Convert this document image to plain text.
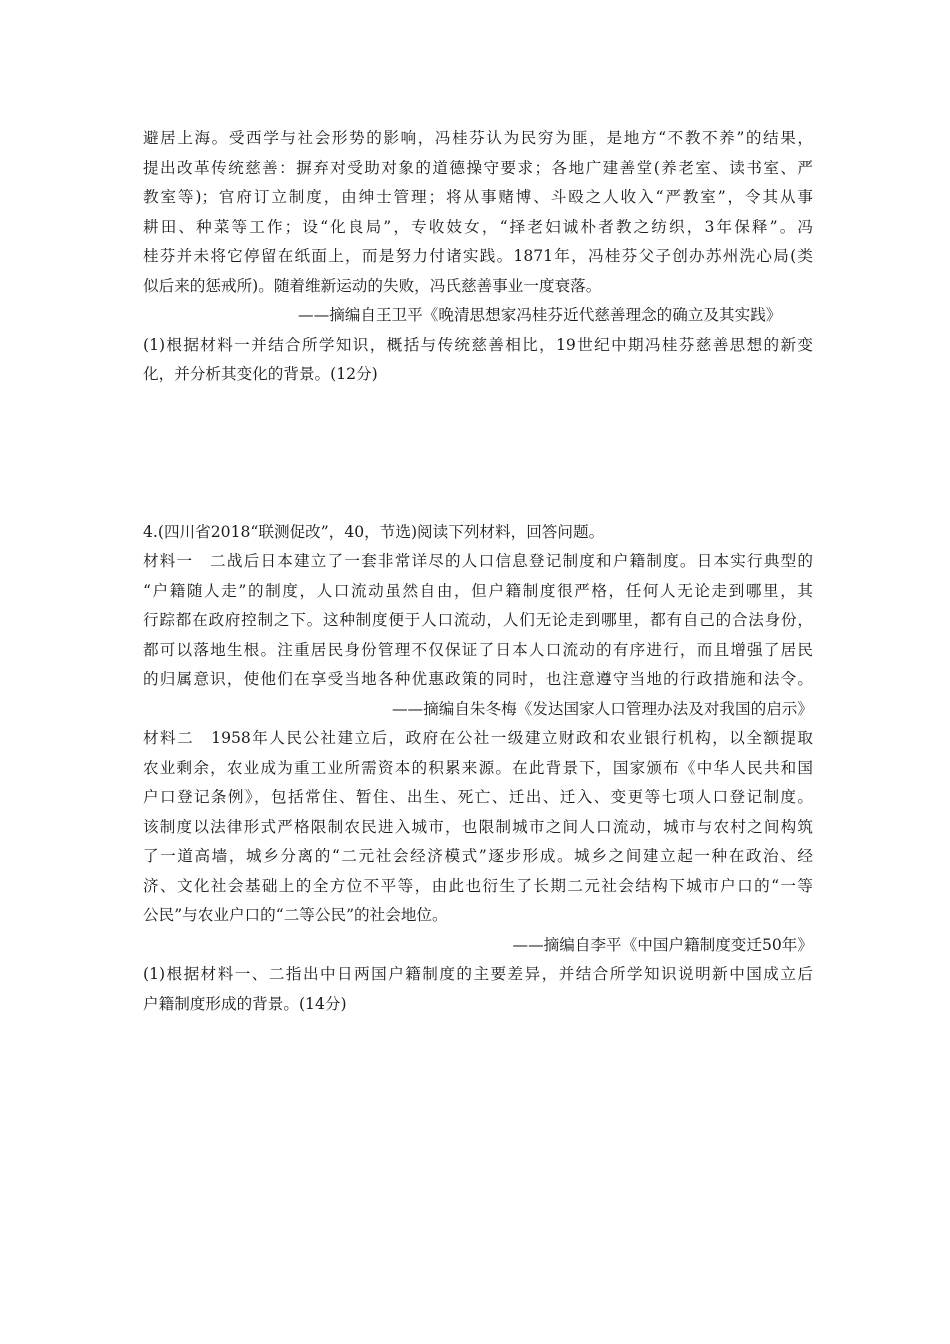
避居上海。受西学与社会形势的影响，冯桂芬认为民穷为匪，是地方“不教不养”的结果，
提出改革传统慈善：摒弃对受助对象的道德操守要求；各地广建善堂(养老室、读书室、严
教室等)；官府订立制度，由绅士管理；将从事赌博、斗殴之人收入“严教室”，令其从事
耕田、种菜等工作；设“化良局”，专收妓女，“择老妇诚朴者教之纺织，3年保释”。冯
桂芬并未将它停留在纸面上，而是努力付诸实践。1871年，冯桂芬父子创办苏州洗心局(类
似后来的惩戒所)。随着维新运动的失败，冯氏慈善事业一度衰落。
——摘编自王卫平《晚清思想家冯桂芬近代慈善理念的确立及其实践》
(1)根据材料一并结合所学知识，概括与传统慈善相比，19世纪中期冯桂芬慈善思想的新变
化，并分析其变化的背景。(12分)
4.(四川省2018“联测促改”，40，节选)阅读下列材料，回答问题。
材料一　二战后日本建立了一套非常详尽的人口信息登记制度和户籍制度。日本实行典型的
“户籍随人走”的制度，人口流动虽然自由，但户籍制度很严格，任何人无论走到哪里，其
行踪都在政府控制之下。这种制度便于人口流动，人们无论走到哪里，都有自己的合法身份，
都可以落地生根。注重居民身份管理不仅保证了日本人口流动的有序进行，而且增强了居民
的归属意识，使他们在享受当地各种优惠政策的同时，也注意遵守当地的行政措施和法令。
——摘编自朱冬梅《发达国家人口管理办法及对我国的启示》
材料二　1958年人民公社建立后，政府在公社一级建立财政和农业银行机构，以全额提取
农业剩余，农业成为重工业所需资本的积累来源。在此背景下，国家颁布《中华人民共和国
户口登记条例》，包括常住、暂住、出生、死亡、迁出、迁入、变更等七项人口登记制度。
该制度以法律形式严格限制农民进入城市，也限制城市之间人口流动，城市与农村之间构筑
了一道高墙，城乡分离的“二元社会经济模式”逐步形成。城乡之间建立起一种在政治、经
济、文化社会基础上的全方位不平等，由此也衍生了长期二元社会结构下城市户口的“一等
公民”与农业户口的“二等公民”的社会地位。
——摘编自李平《中国户籍制度变迁50年》
(1)根据材料一、二指出中日两国户籍制度的主要差异，并结合所学知识说明新中国成立后
户籍制度形成的背景。(14分)
